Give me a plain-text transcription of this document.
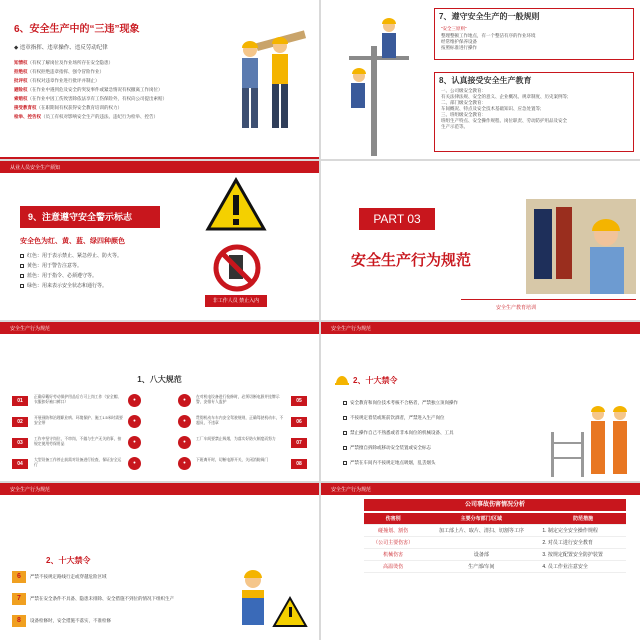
6、安全生产中的“三违”现象
◆ 违章指挥、违章操作、违反劳动纪律
知情权（有权了解岗位及作业场所存在安全隐患）
拒绝权（有权拒绝违章指挥、强令冒险作业）
批评权（有权对违章作业进行批评并制止）
避险权（在作业中遇到危及安全的突发事件或紧急情况有权撤离工作岗位）
索赔权（在作业中因工伤致害除依法享有工伤保险外，有权向公司提出索赔）
接受教育权（在职期间有权获得安全教育培训的权力）
检举、控告权（员工有权对影响安全生产的违法、违纪行为检举、控告）
7、遵守安全生产的一般规则
“安全三原则”
整理整顿工作地点，有一个整洁有序的作业环境
经常维护保养设备
按照标准进行操作
8、认真接受安全生产教育
一、公司级安全教育：
有关法律法规、安全的意义、企业概况、规章制度、历史案例等;
二、部门级安全教育：
车间概况、特点及安全技术基础知识、应急处置等;
三、班组级安全教育：
班组生产特点、安全操作规程、岗位职责、劳动防护用品及安全
生产示范等。
从业人员安全生产须知
9、注意遵守安全警示标志
安全色为红、黄、蓝、绿四种颜色
红色：用于表示禁止、紧急停止、防火等。
黄色：用于警告注意等。
蓝色：用于指令、必须遵守等。
绿色：用来表示安全状态和通行等。
非工作人员 禁止入内
PART 03
安全生产行为规范
安全生产教育培训
安全生产行为规范
1、八大规范
01
正确穿戴好劳动保护用品后方可上岗工作（安全帽、衣服扣好袖口裤口）	•
02
开展预防和治理职业病、环境保护、施工1.5米时需要安全带	•
03
工作中坚守岗位，不串岗，不做与生产无关的事，按规定使用劳保用品	•
04
大型设备工作停止前需对设备进行检查，保证安全运行	•
•	在对机电设备进行检修时，必须切断电源并挂牌示警，安排专人监护	05
•	贯彻机动车车内安全驾驶规则，正确驾驶机动车，不超员，不违章	06
•	工厂车间要禁止吸烟，为落实好防火制度而努力
07
•	下班离开时，切断电源开关，关闭消防阀门
08
安全生产行为规范
2、十大禁令
安全教育和岗位技术考核不合格者，严禁独立顶岗操作
不按规定着装或班前饮酒者，严禁进入生产岗位
禁止操作自己不熟悉或者非本岗位的机械设备、工具
严禁擅自拆除或移动安全装置或安全标志
严禁在车间内不按规定地点吸烟，乱丢烟头
安全生产行为规范
2、十大禁令
6 严禁不按规定路线行走或穿越危险区域
7 严禁在安全条件不具备、隐患未排除、安全措施不到位的情况下组织生产
8 设备检修时，安全措施不落实，不准检修
安全生产行为规范
公司事故伤害情况分析
伤害别	主要分布部门/区域	防范措施
碰撞划、割伤	加工部上片、取片、清扫、切割等工序	1. 制定完全安全操作规程
（公司主要伤害）		2. 对员工进行安全教育
机械伤害	设备部	3. 按规定配置安全防护装置
高温烫伤	生产部/车间	4. 员工作业注意安全
